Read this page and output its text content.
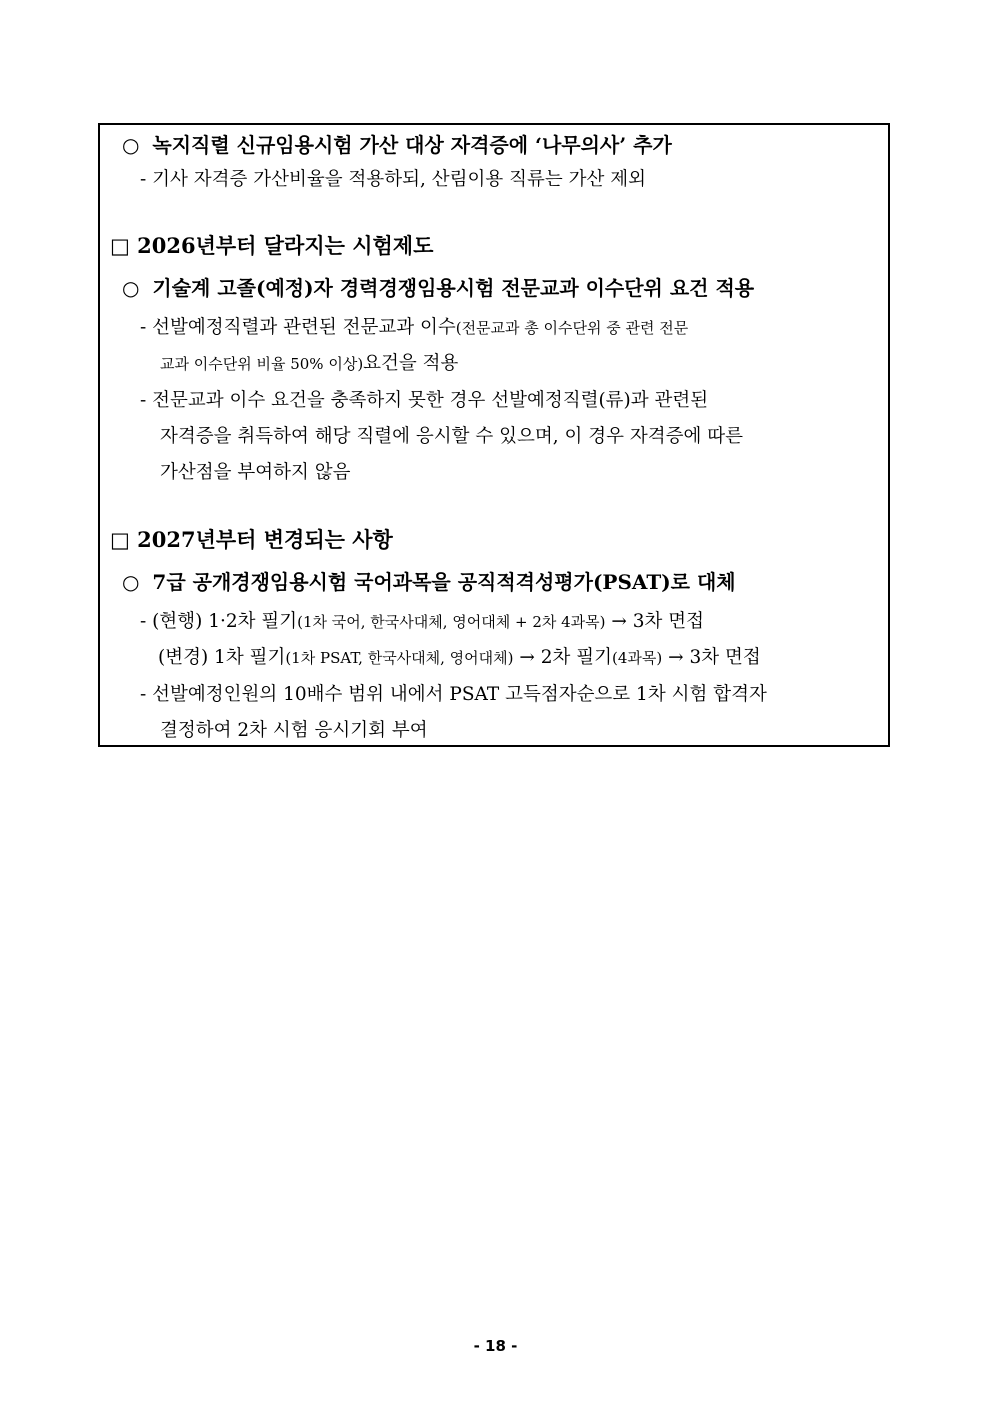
○ 녹지직렬 신규임용시험 가산 대상 자격증에 ‘나무의사’ 추가
- 기사 자격증 가산비율을 적용하되, 산림이용 직류는 가산 제외
□ 2026년부터 달라지는 시험제도
○ 기술계 고졸(예정)자 경력경쟁임용시험 전문교과 이수단위 요건 적용
- 선발예정직렬과 관련된 전문교과 이수(전문교과 총 이수단위 중 관련 전문
교과 이수단위 비율 50% 이상)요건을 적용
- 전문교과 이수 요건을 충족하지 못한 경우 선발예정직렬(류)과 관련된
자격증을 취득하여 해당 직렬에 응시할 수 있으며, 이 경우 자격증에 따른
가산점을 부여하지 않음
□ 2027년부터 변경되는 사항
○ 7급 공개경쟁임용시험 국어과목을 공직적격성평가(PSAT)로 대체
- (현행) 1·2차 필기(1차 국어, 한국사대체, 영어대체 + 2차 4과목) → 3차 면접
(변경) 1차 필기(1차 PSAT, 한국사대체, 영어대체) → 2차 필기(4과목) → 3차 면접
- 선발예정인원의 10배수 범위 내에서 PSAT 고득점자순으로 1차 시험 합격자
결정하여 2차 시험 응시기회 부여
- 18 -
